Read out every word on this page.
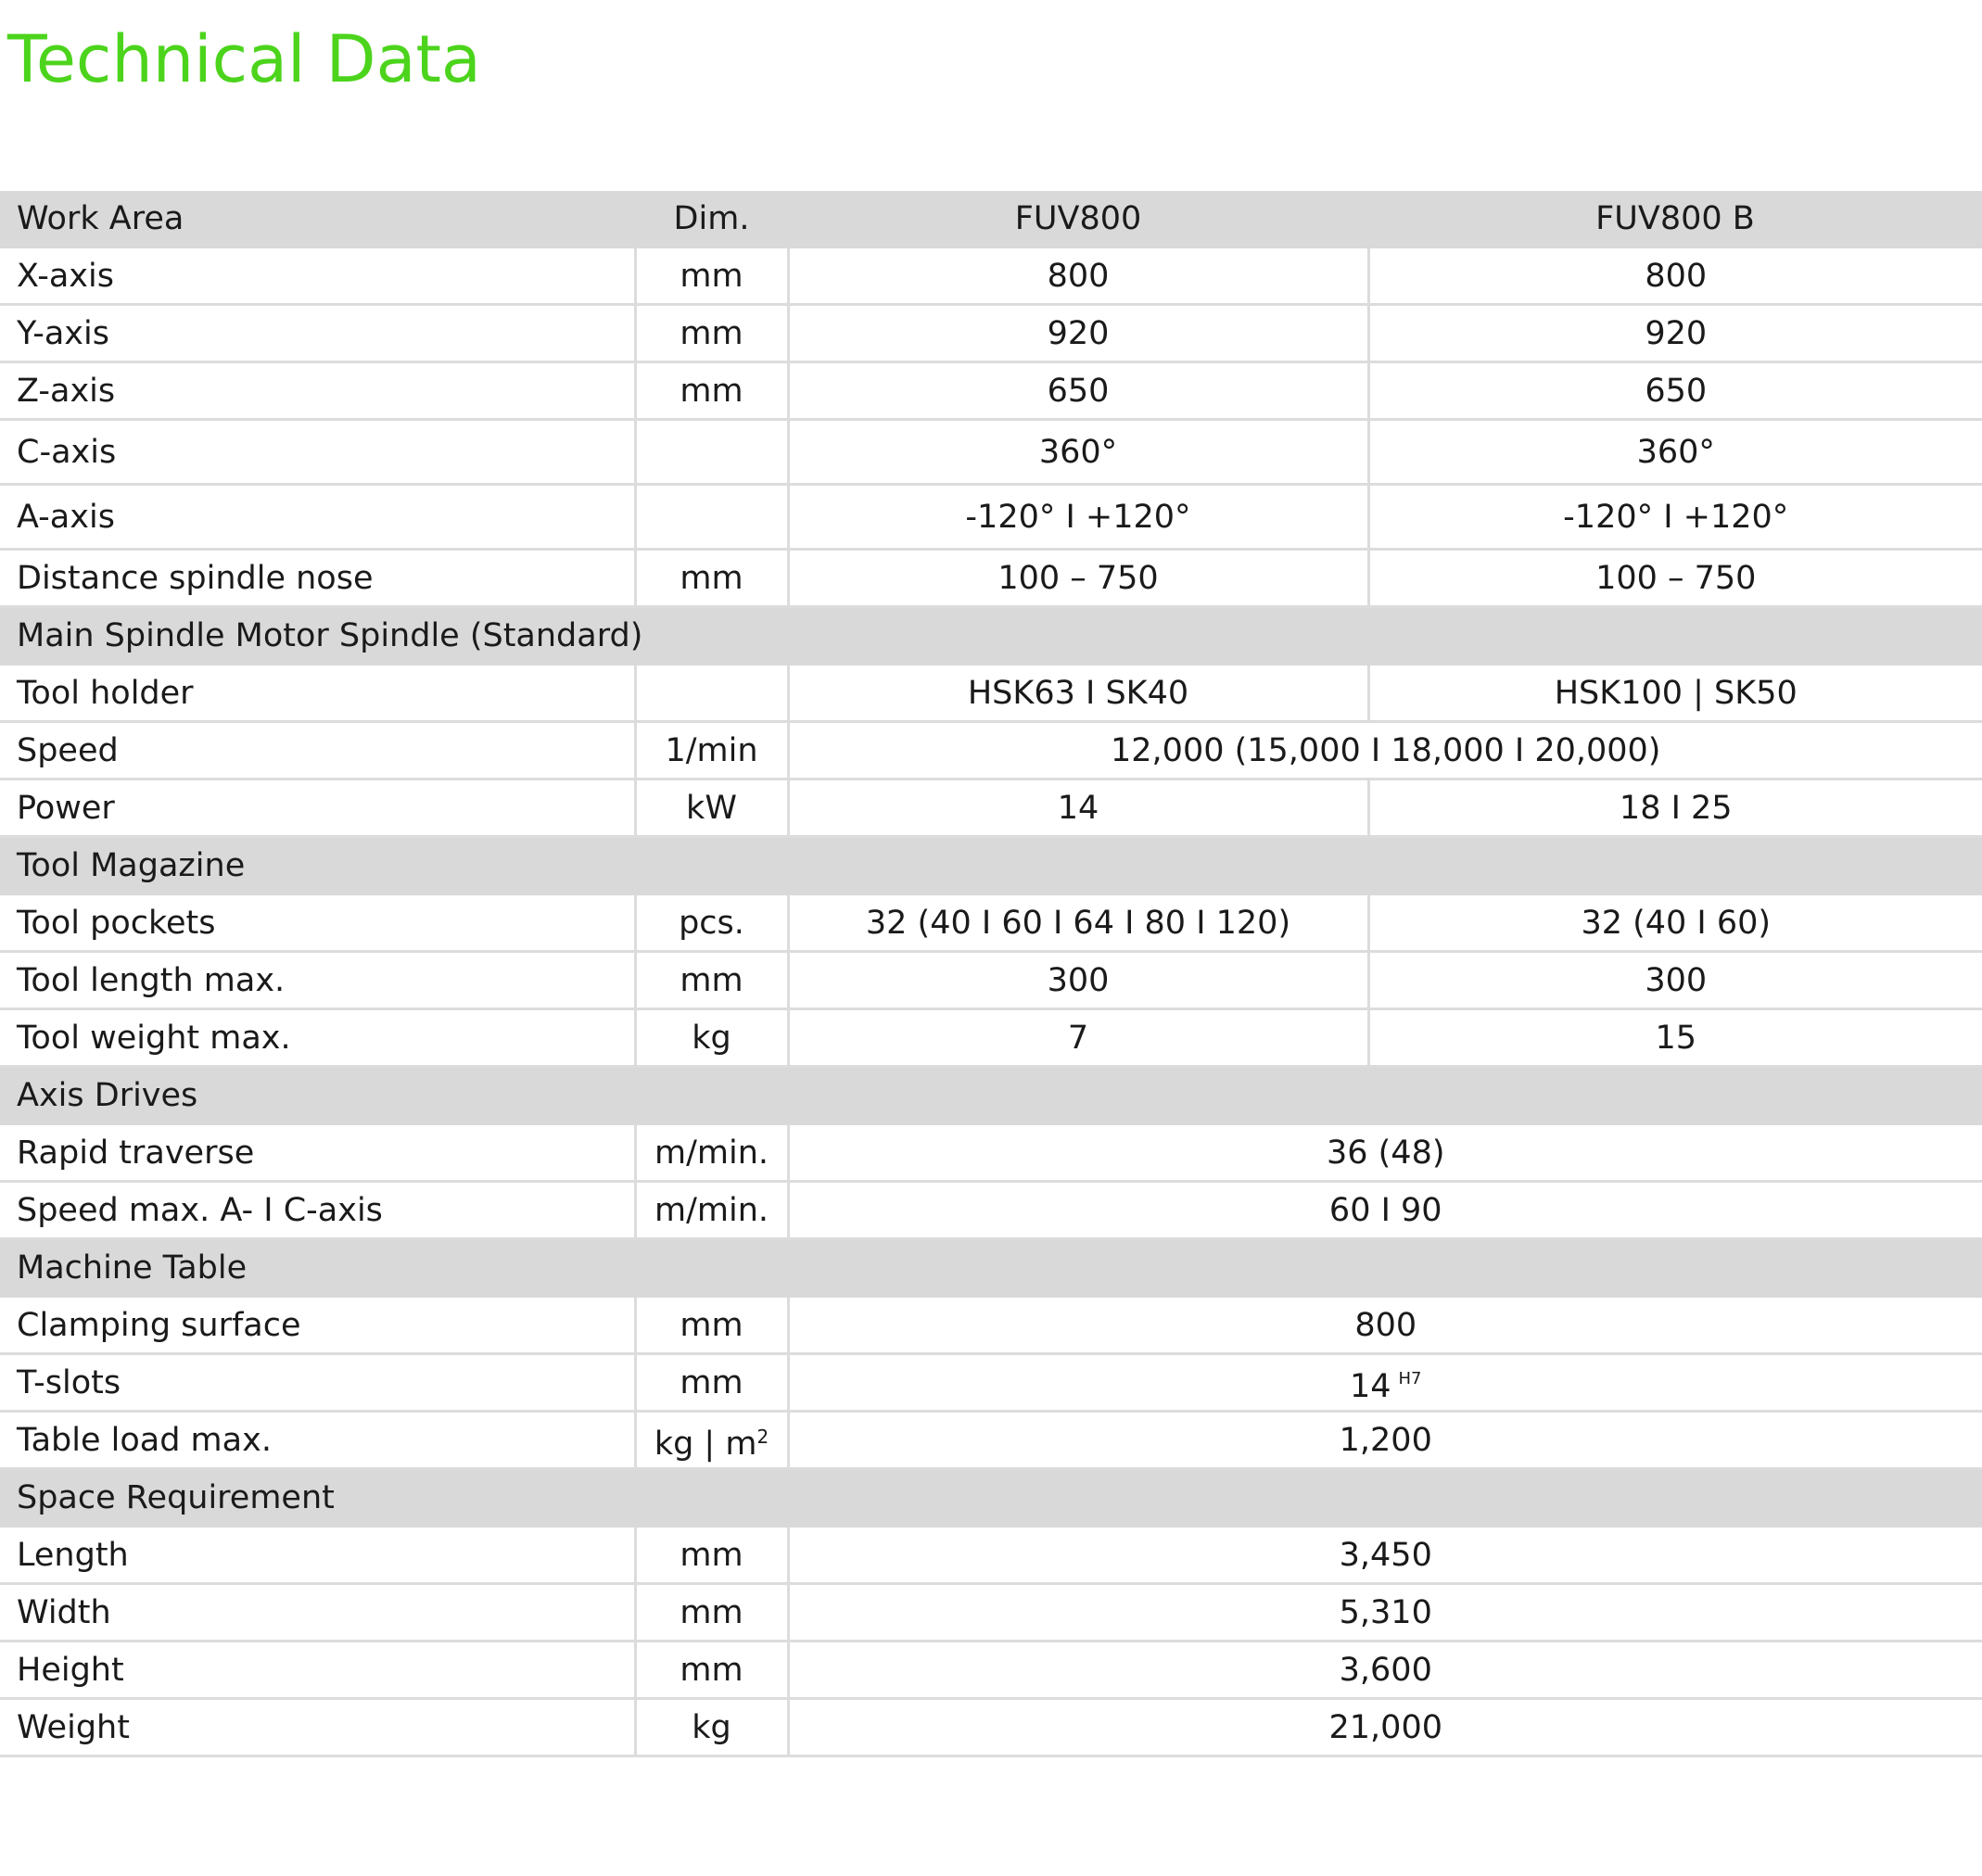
Technical Data
Work Area	Dim.	FUV800	FUV800 B
X-axis	mm	800	800
Y-axis	mm	920	920
Z-axis	mm	650	650
C-axis		360°	360°
A-axis		-120° I +120°	-120° I +120°
Distance spindle nose	mm	100 – 750	100 – 750
Main Spindle Motor Spindle (Standard)			
Tool holder		HSK63 I SK40	HSK100 | SK50
Speed	1/min	12,000 (15,000 I 18,000 I 20,000)	
Power	kW	14	18 I 25
Tool Magazine			
Tool pockets	pcs.	32 (40 I 60 I 64 I 80 I 120)	32 (40 I 60)
Tool length max.	mm	300	300
Tool weight max.	kg	7	15
Axis Drives			
Rapid traverse	m/min.	36 (48)	
Speed max. A- I C-axis	m/min.	60 I 90	
Machine Table			
Clamping surface	mm	800	
T-slots	mm	14 $^{H7}$
Table load max.	kg | $m^2$	1,200	
Space Requirement			
Length	mm	3,450	
Width	mm	5,310	
Height	mm	3,600	
Weight	kg	21,000	
